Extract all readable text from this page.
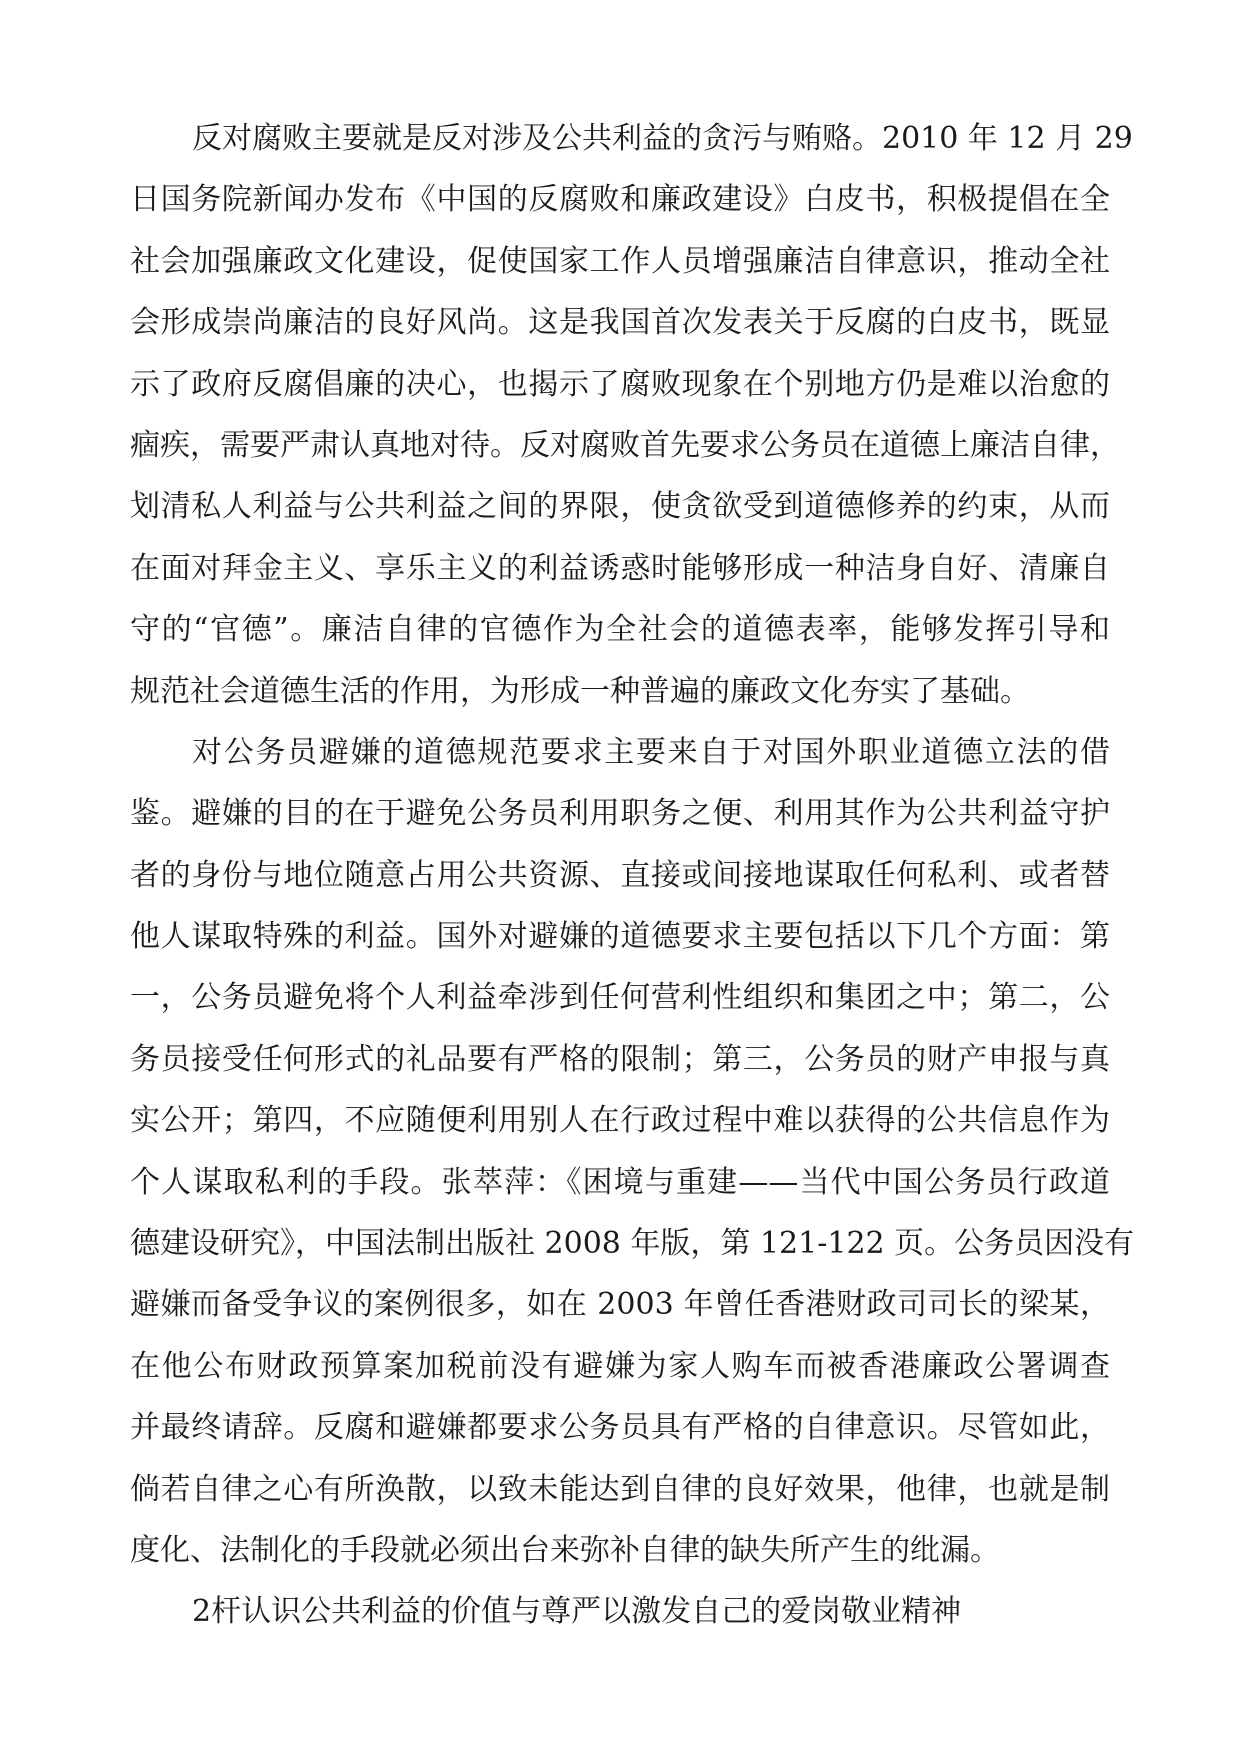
反对腐败主要就是反对涉及公共利益的贪污与贿赂。2010 年 12 月 29
日国务院新闻办发布《中国的反腐败和廉政建设》白皮书，积极提倡在全
社会加强廉政文化建设，促使国家工作人员增强廉洁自律意识，推动全社
会形成崇尚廉洁的良好风尚。这是我国首次发表关于反腐的白皮书，既显
示了政府反腐倡廉的决心，也揭示了腐败现象在个别地方仍是难以治愈的
痼疾，需要严肃认真地对待。反对腐败首先要求公务员在道德上廉洁自律，
划清私人利益与公共利益之间的界限，使贪欲受到道德修养的约束，从而
在面对拜金主义、享乐主义的利益诱惑时能够形成一种洁身自好、清廉自
守的“官德”。廉洁自律的官德作为全社会的道德表率，能够发挥引导和
规范社会道德生活的作用，为形成一种普遍的廉政文化夯实了基础。
对公务员避嫌的道德规范要求主要来自于对国外职业道德立法的借
鉴。避嫌的目的在于避免公务员利用职务之便、利用其作为公共利益守护
者的身份与地位随意占用公共资源、直接或间接地谋取任何私利、或者替
他人谋取特殊的利益。国外对避嫌的道德要求主要包括以下几个方面：第
一，公务员避免将个人利益牵涉到任何营利性组织和集团之中；第二，公
务员接受任何形式的礼品要有严格的限制；第三，公务员的财产申报与真
实公开；第四，不应随便利用别人在行政过程中难以获得的公共信息作为
个人谋取私利的手段。张萃萍：《困境与重建——当代中国公务员行政道
德建设研究》，中国法制出版社 2008 年版，第 121-122 页。公务员因没有
避嫌而备受争议的案例很多，如在 2003 年曾任香港财政司司长的梁某，
在他公布财政预算案加税前没有避嫌为家人购车而被香港廉政公署调查
并最终请辞。反腐和避嫌都要求公务员具有严格的自律意识。尽管如此，
倘若自律之心有所涣散，以致未能达到自律的良好效果，他律，也就是制
度化、法制化的手段就必须出台来弥补自律的缺失所产生的纰漏。
2杆认识公共利益的价值与尊严以激发自己的爱岗敬业精神
